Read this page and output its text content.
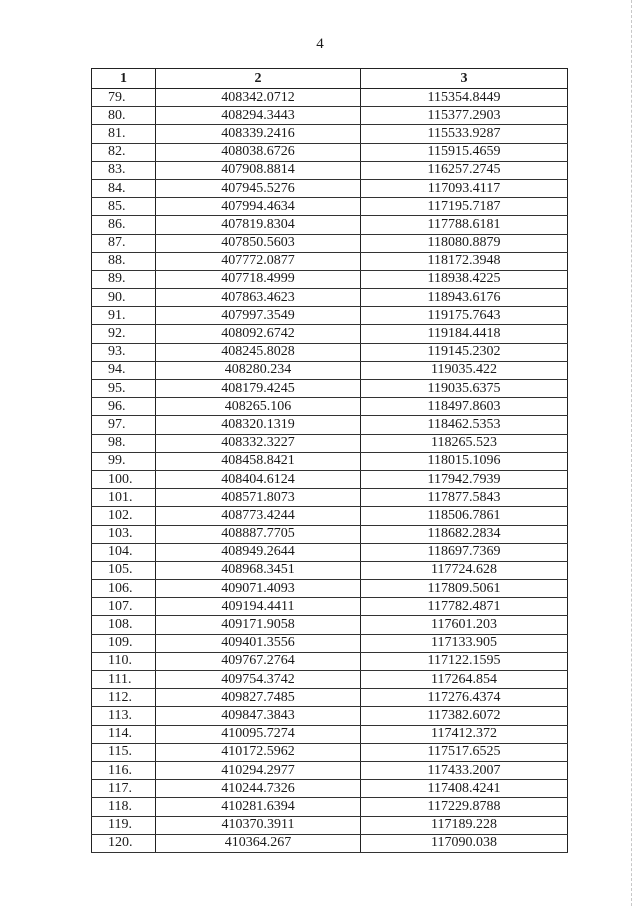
4
1	2	3
79.	408342.0712	115354.8449
80.	408294.3443	115377.2903
81.	408339.2416	115533.9287
82.	408038.6726	115915.4659
83.	407908.8814	116257.2745
84.	407945.5276	117093.4117
85.	407994.4634	117195.7187
86.	407819.8304	117788.6181
87.	407850.5603	118080.8879
88.	407772.0877	118172.3948
89.	407718.4999	118938.4225
90.	407863.4623	118943.6176
91.	407997.3549	119175.7643
92.	408092.6742	119184.4418
93.	408245.8028	119145.2302
94.	408280.234	119035.422
95.	408179.4245	119035.6375
96.	408265.106	118497.8603
97.	408320.1319	118462.5353
98.	408332.3227	118265.523
99.	408458.8421	118015.1096
100.	408404.6124	117942.7939
101.	408571.8073	117877.5843
102.	408773.4244	118506.7861
103.	408887.7705	118682.2834
104.	408949.2644	118697.7369
105.	408968.3451	117724.628
106.	409071.4093	117809.5061
107.	409194.4411	117782.4871
108.	409171.9058	117601.203
109.	409401.3556	117133.905
110.	409767.2764	117122.1595
111.	409754.3742	117264.854
112.	409827.7485	117276.4374
113.	409847.3843	117382.6072
114.	410095.7274	117412.372
115.	410172.5962	117517.6525
116.	410294.2977	117433.2007
117.	410244.7326	117408.4241
118.	410281.6394	117229.8788
119.	410370.3911	117189.228
120.	410364.267	117090.038
